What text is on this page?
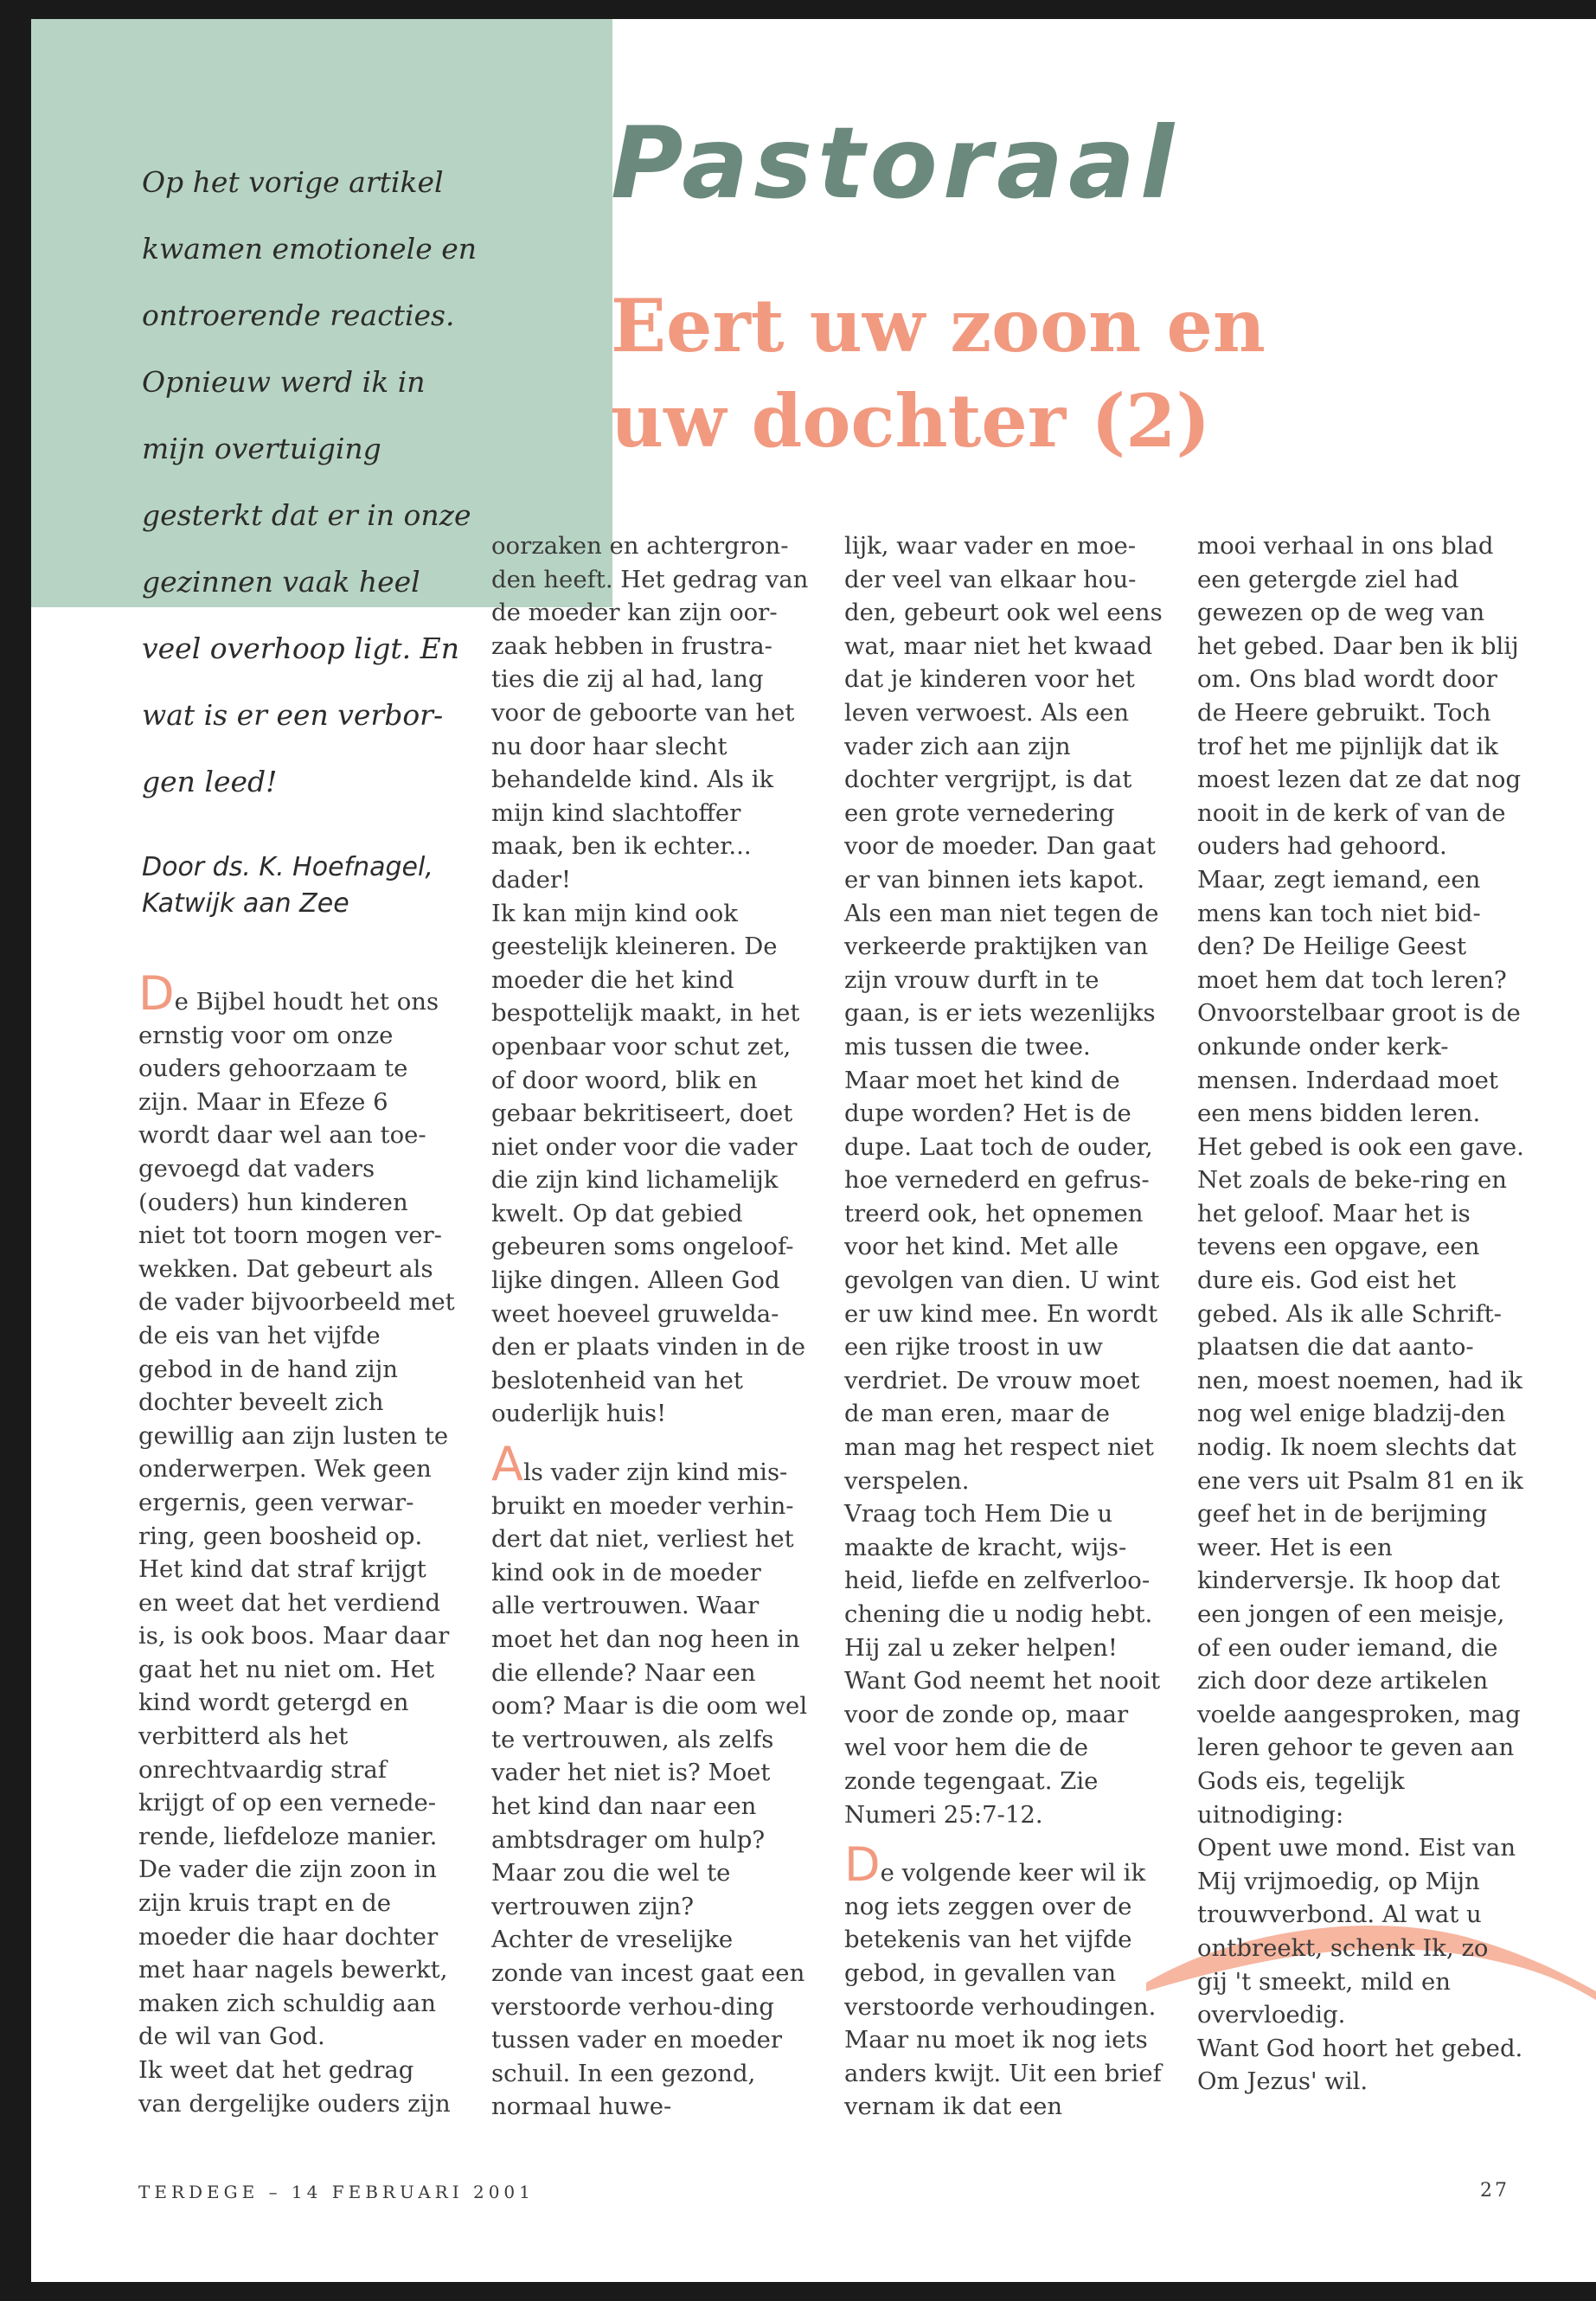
Op het vorige artikel
kwamen emotionele en
ontroerende reacties.
Opnieuw werd ik in
mijn overtuiging
gesterkt dat er in onze
gezinnen vaak heel
veel overhoop ligt. En
wat is er een verbor-
gen leed!
Door ds. K. Hoefnagel,
Katwijk aan Zee
Pastoraal
Eert uw zoon en
uw dochter (2)

De Bijbel houdt het ons ernstig voor om onze ouders gehoorzaam te zijn. Maar in Efeze 6 wordt daar wel aan toe-gevoegd dat vaders (ouders) hun kinderen niet tot toorn mogen ver-wekken. Dat gebeurt als de vader bijvoorbeeld met de eis van het vijfde gebod in de hand zijn dochter beveelt zich gewillig aan zijn lusten te onderwerpen. Wek geen ergernis, geen verwar-ring, geen boosheid op. Het kind dat straf krijgt en weet dat het verdiend is, is ook boos. Maar daar gaat het nu niet om. Het kind wordt getergd en verbitterd als het onrechtvaardig straf krijgt of op een vernede-rende, liefdeloze manier. De vader die zijn zoon in zijn kruis trapt en de moeder die haar dochter met haar nagels bewerkt, maken zich schuldig aan de wil van God.

Ik weet dat het gedrag van dergelijke ouders zijn

oorzaken en achtergron-den heeft. Het gedrag van de moeder kan zijn oor-zaak hebben in frustra-ties die zij al had, lang voor de geboorte van het nu door haar slecht behandelde kind. Als ik mijn kind slachtoffer maak, ben ik echter... dader!

Ik kan mijn kind ook geestelijk kleineren. De moeder die het kind bespottelijk maakt, in het openbaar voor schut zet, of door woord, blik en gebaar bekritiseert, doet niet onder voor die vader die zijn kind lichamelijk kwelt. Op dat gebied gebeuren soms ongeloof-lijke dingen. Alleen God weet hoeveel gruwelda-den er plaats vinden in de beslotenheid van het ouderlijk huis!

Als vader zijn kind mis-bruikt en moeder verhin-dert dat niet, verliest het kind ook in de moeder alle vertrouwen. Waar moet het dan nog heen in die ellende? Naar een oom? Maar is die oom wel te vertrouwen, als zelfs vader het niet is? Moet het kind dan naar een ambtsdrager om hulp? Maar zou die wel te vertrouwen zijn?

Achter de vreselijke zonde van incest gaat een verstoorde verhou-ding tussen vader en moeder schuil. In een gezond, normaal huwe-

lijk, waar vader en moe-der veel van elkaar hou-den, gebeurt ook wel eens wat, maar niet het kwaad dat je kinderen voor het leven verwoest. Als een vader zich aan zijn dochter vergrijpt, is dat een grote vernedering voor de moeder. Dan gaat er van binnen iets kapot. Als een man niet tegen de verkeerde praktijken van zijn vrouw durft in te gaan, is er iets wezenlijks mis tussen die twee.

Maar moet het kind de dupe worden? Het is de dupe. Laat toch de ouder, hoe vernederd en gefrus-treerd ook, het opnemen voor het kind. Met alle gevolgen van dien. U wint er uw kind mee. En wordt een rijke troost in uw verdriet. De vrouw moet de man eren, maar de man mag het respect niet verspelen.

Vraag toch Hem Die u maakte de kracht, wijs-heid, liefde en zelfverloo-chening die u nodig hebt. Hij zal u zeker helpen! Want God neemt het nooit voor de zonde op, maar wel voor hem die de zonde tegengaat. Zie Numeri 25:7-12.

De volgende keer wil ik nog iets zeggen over de betekenis van het vijfde gebod, in gevallen van verstoorde verhoudingen. Maar nu moet ik nog iets anders kwijt. Uit een brief vernam ik dat een

mooi verhaal in ons blad een getergde ziel had gewezen op de weg van het gebed. Daar ben ik blij om. Ons blad wordt door de Heere gebruikt. Toch trof het me pijnlijk dat ik moest lezen dat ze dat nog nooit in de kerk of van de ouders had gehoord.

Maar, zegt iemand, een mens kan toch niet bid-den? De Heilige Geest moet hem dat toch leren? Onvoorstelbaar groot is de onkunde onder kerk-mensen. Inderdaad moet een mens bidden leren. Het gebed is ook een gave. Net zoals de beke-ring en het geloof. Maar het is tevens een opgave, een dure eis. God eist het gebed. Als ik alle Schrift-plaatsen die dat aanto-nen, moest noemen, had ik nog wel enige bladzij-den nodig. Ik noem slechts dat ene vers uit Psalm 81 en ik geef het in de berijming weer. Het is een kinderversje. Ik hoop dat een jongen of een meisje, of een ouder iemand, die zich door deze artikelen voelde aangesproken, mag leren gehoor te geven aan Gods eis, tegelijk uitnodiging:

Opent uwe mond. Eist van Mij vrijmoedig, op Mijn trouwverbond. Al wat u ontbreekt, schenk Ik, zo gij 't smeekt, mild en overvloedig.

Want God hoort het gebed. Om Jezus' wil.

TERDEGE – 14 FEBRUARI 2001	27
